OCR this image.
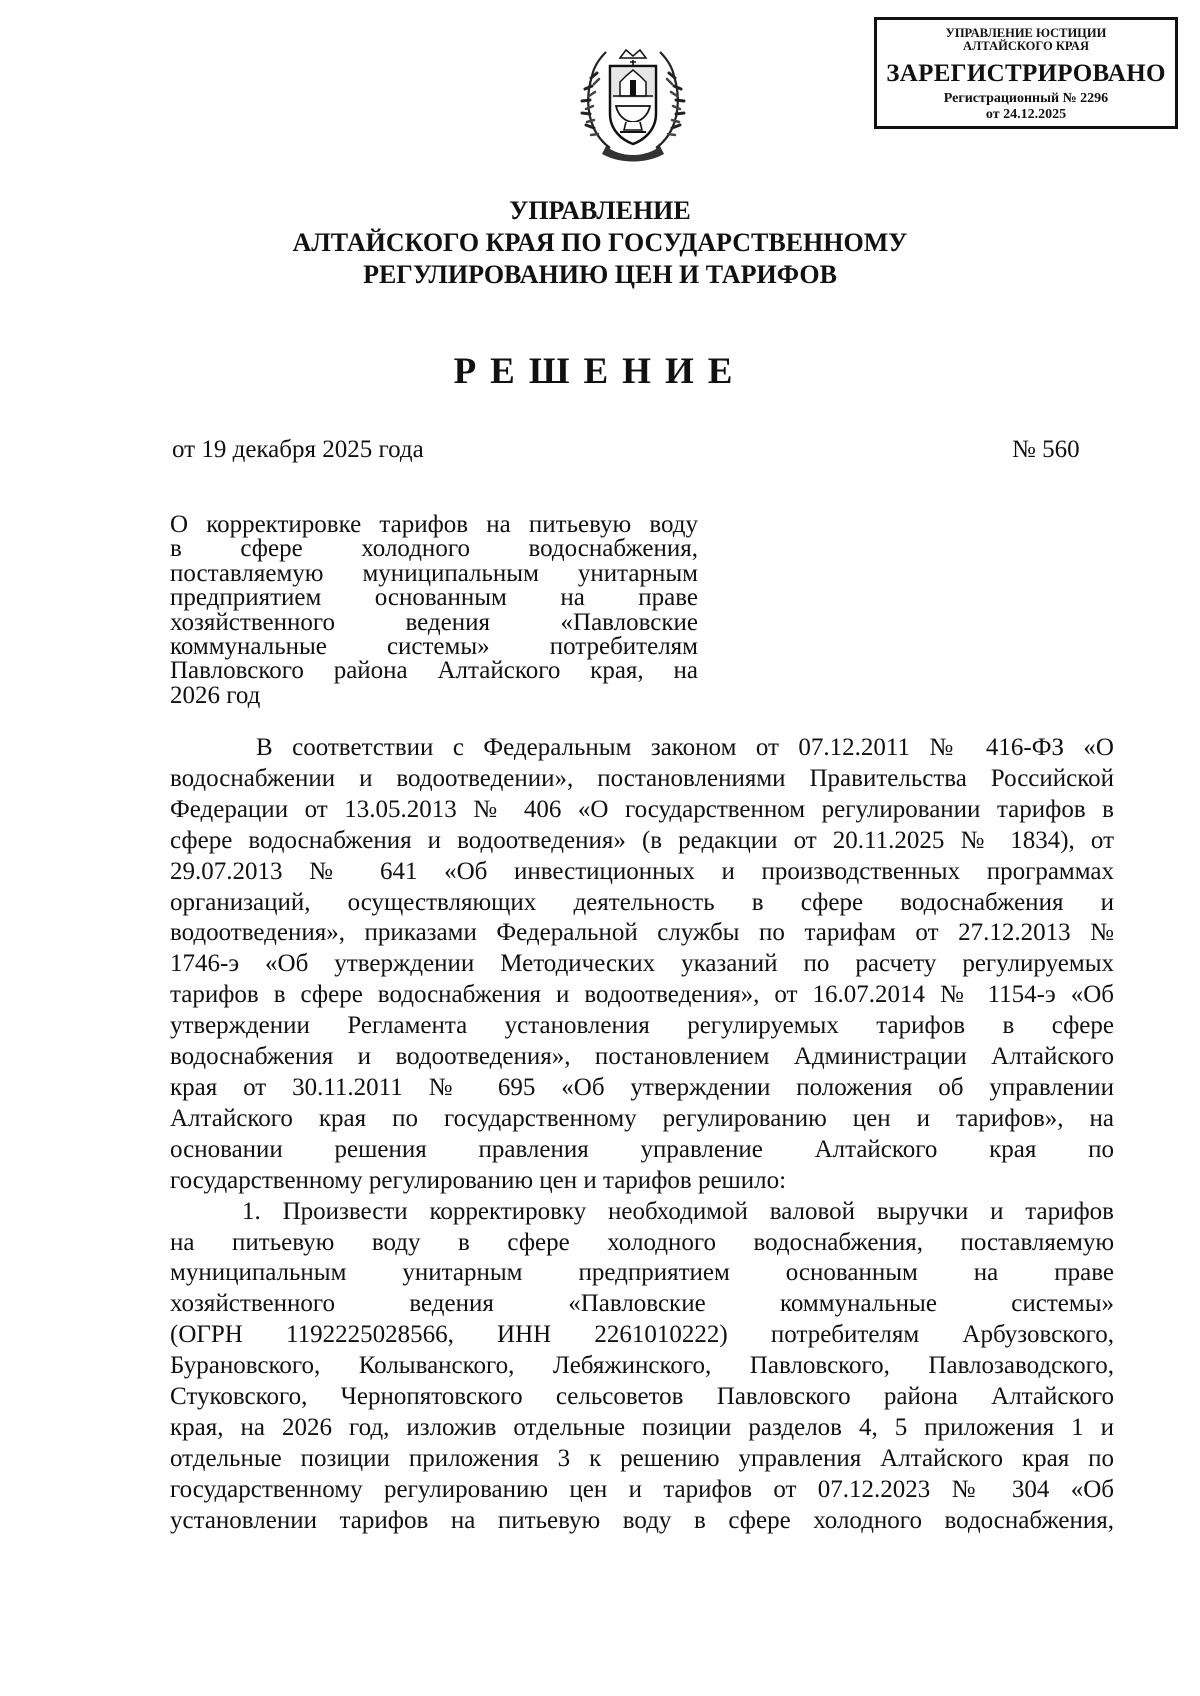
УПРАВЛЕНИЕ ЮСТИЦИИ
АЛТАЙСКОГО КРАЯ
ЗАРЕГИСТРИРОВАНО
Регистрационный № 2296
от 24.12.2025
УПРАВЛЕНИЕ
АЛТАЙСКОГО КРАЯ ПО ГОСУДАРСТВЕННОМУ
РЕГУЛИРОВАНИЮ ЦЕН И ТАРИФОВ
РЕШЕНИЕ
от 19 декабря 2025 года	№ 560
О корректировке тарифов на питьевую воду
в сфере холодного водоснабжения,
поставляемую муниципальным унитарным
предприятием основанным на праве
хозяйственного ведения «Павловские
коммунальные системы» потребителям
Павловского района Алтайского края, на
2026 год
В соответствии с Федеральным законом от 07.12.2011 № 416-ФЗ «О
водоснабжении и водоотведении», постановлениями Правительства Российской
Федерации от 13.05.2013 № 406 «О государственном регулировании тарифов в
сфере водоснабжения и водоотведения» (в редакции от 20.11.2025 № 1834), от
29.07.2013 № 641 «Об инвестиционных и производственных программах
организаций, осуществляющих деятельность в сфере водоснабжения и
водоотведения», приказами Федеральной службы по тарифам от 27.12.2013 №
1746-э «Об утверждении Методических указаний по расчету регулируемых
тарифов в сфере водоснабжения и водоотведения», от 16.07.2014 № 1154-э «Об
утверждении Регламента установления регулируемых тарифов в сфере
водоснабжения и водоотведения», постановлением Администрации Алтайского
края от 30.11.2011 № 695 «Об утверждении положения об управлении
Алтайского края по государственному регулированию цен и тарифов», на
основании решения правления управление Алтайского края по
государственному регулированию цен и тарифов решило:
1. Произвести корректировку необходимой валовой выручки и тарифов
на питьевую воду в сфере холодного водоснабжения, поставляемую
муниципальным унитарным предприятием основанным на праве
хозяйственного ведения «Павловские коммунальные системы»
(ОГРН 1192225028566, ИНН 2261010222) потребителям Арбузовского,
Бурановского, Колыванского, Лебяжинского, Павловского, Павлозаводского,
Стуковского, Чернопятовского сельсоветов Павловского района Алтайского
края, на 2026 год, изложив отдельные позиции разделов 4, 5 приложения 1 и
отдельные позиции приложения 3 к решению управления Алтайского края по
государственному регулированию цен и тарифов от 07.12.2023 № 304 «Об
установлении тарифов на питьевую воду в сфере холодного водоснабжения,
